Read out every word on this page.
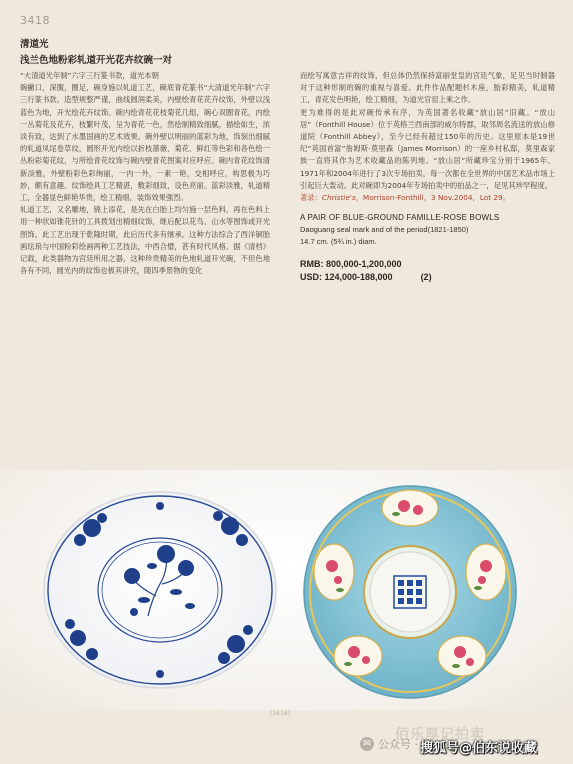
3418
清道光
浅兰色地粉彩轧道开光花卉纹碗一对

“大清道光年制”六字三行篆书款，道光本朝

碗撇口，深腹，圈足，碗身施以轧道工艺，碗底青花篆书“大清道光年制”六字三行篆书款。造型规整严谨，曲线圆润柔美，内壁绘青花花卉纹饰，外壁以浅蓝色为地，开光绘花卉纹饰。碗内绘青花花枝菊花几组，碗心双圈青花，内绘一丛菊花及花卉，枝繁叶茂，呈为青花一色，然绘制精致细腻，描绘如生，浓淡有致，达到了水墨国画的艺术效果。碗外壁以明丽的蓝彩为地，饰刻出细腻的轧道凤尾卷草纹，圆形开光内绘以折枝蔷薇、菊花、鲜红等色彩和各色绘一丛粉彩菊花纹，与所绘青花纹饰与碗内壁青花图案对应呼应。碗内青花纹饰清新淡雅，外壁粉彩色彩绚丽，一内一外，一素一艳，交相呼应，构思极为巧妙，颇有意趣。纹饰绘具工艺精湛，敷彩细致，设色亮丽。蓝彩淡雅，轧道精工，全器显色鲜艳华贵，绘工精细，装饰效果强烈。

轧道工艺，又名雕地，锦上添花，是先在白胎上均匀施一层色料，再在色料上用一种状如锥花针的工具拨划出精细纹饰，继后配以花鸟、山水等图饰或开光图饰。此工艺出现于乾隆时期，此后历代多有继承。这种方法综合了西洋铜胎画珐琅与中国粉彩绘画两种工艺技法，中西合璧，甚有时代风格。据《清档》记载，此类器物为宫廷所用之器，这种珍贵精美的色地轧道开光碗，不但色地各有不同，圆光内的纹饰也极其讲究，随四季景物的变化

而绘写寓意吉祥的纹饰，但总体仍然保持富丽堂皇的宫廷气象，足见当时制器对于这种形制的碗的重视与喜爱。此件作品配题杉木座，胎彩精美，轧道精工，青花发色明艳，绘工精细，为道光官窑上乘之作。

更为难得的是此对碗传承有序，为英国著名收藏“放山居”旧藏。“放山居”（Fonthill House）位于英格兰西南部的威尔特郡，取邻周名流送的放山修道院（Fonthill Abbey），至今已经有超过150年的历史。这里原本是19世纪“英国首富”詹姆斯·莫里森（James Morrison）的一座乡村私邸，莫里森家族一直将其作为艺术收藏品的陈列地。“放山居”所藏珍宝分别于1965年、1971年和2004年进行了3次专场拍卖，每一次都在全世界的中国艺术品市场上引起巨大轰动。此对碗即为2004年专场拍卖中的拍品之一，足见其珍罕程度。

著录：Christie's，Morrison-Fonthill，3 Nov.2004，Lot 29。

A PAIR OF BLUE-GROUND FAMILLE-ROSE BOWLS
Daoguang seal mark and of the period(1821-1850)
14.7 cm. (5¾ in.) diam.
RMB: 800,000-1,200,000
USD: 124,000-188,000	(2)
[3418]
佰乐厚记拍卖
✉ 公众号 · 佰
搜狐号@伯东说收藏
